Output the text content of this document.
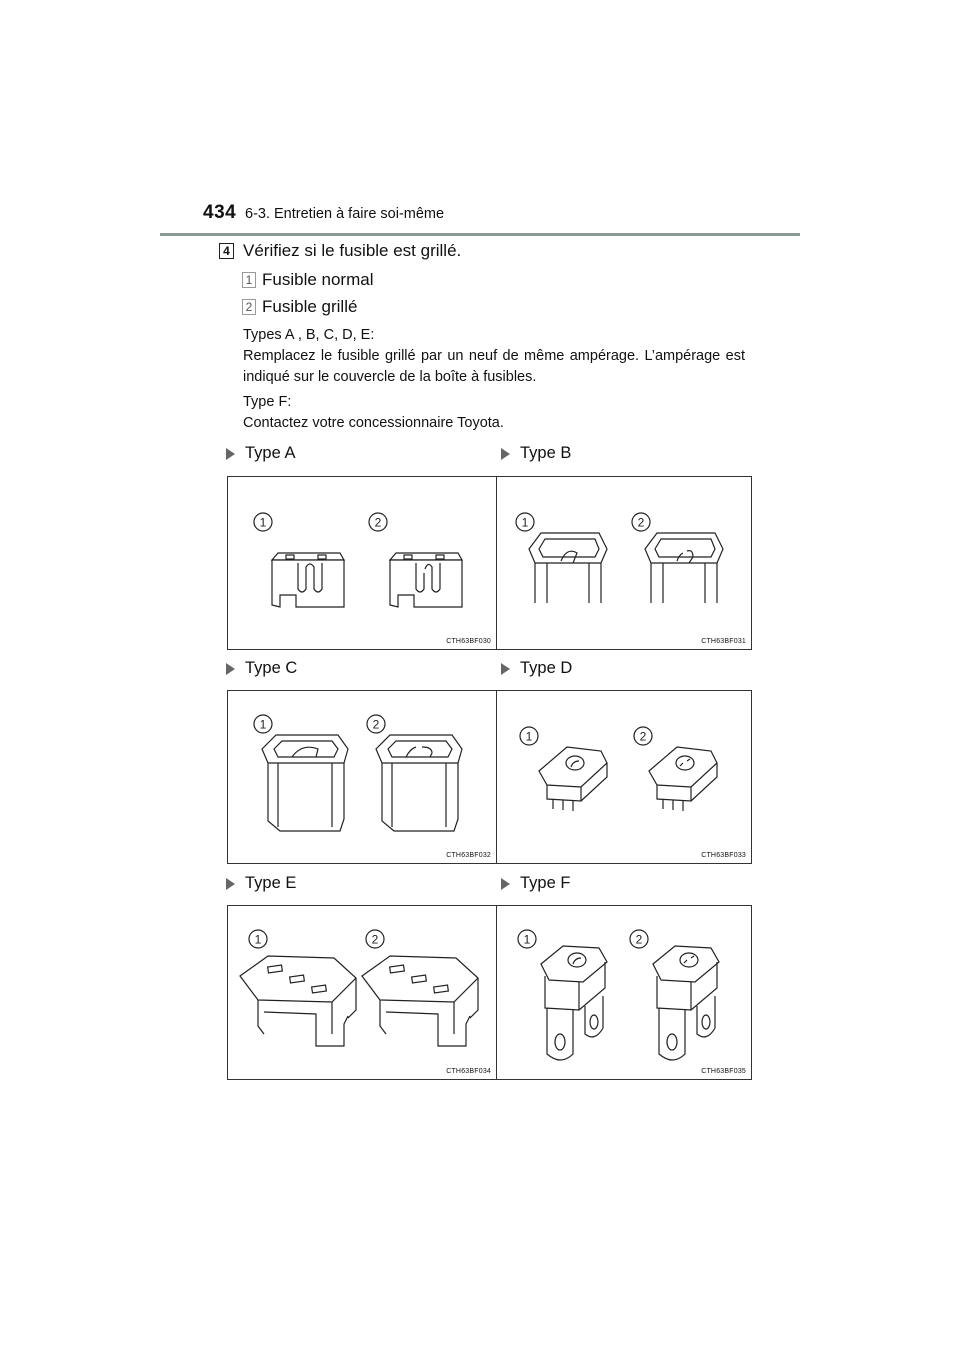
434 6-3. Entretien à faire soi-même
4 Vérifiez si le fusible est grillé.
1 Fusible normal
2 Fusible grillé
Types A , B, C, D, E:
Remplacez le fusible grillé par un neuf de même ampérage. L’ampérage est indiqué sur le couvercle de la boîte à fusibles.
Type F:
Contactez votre concessionnaire Toyota.
Type A	Type B
Type C	Type D
Type E	Type F
1	2
CTH63BF030
1	2
CTH63BF031
1	2
CTH63BF032
1	2
CTH63BF033
1	2
CTH63BF034
1	2
CTH63BF035
